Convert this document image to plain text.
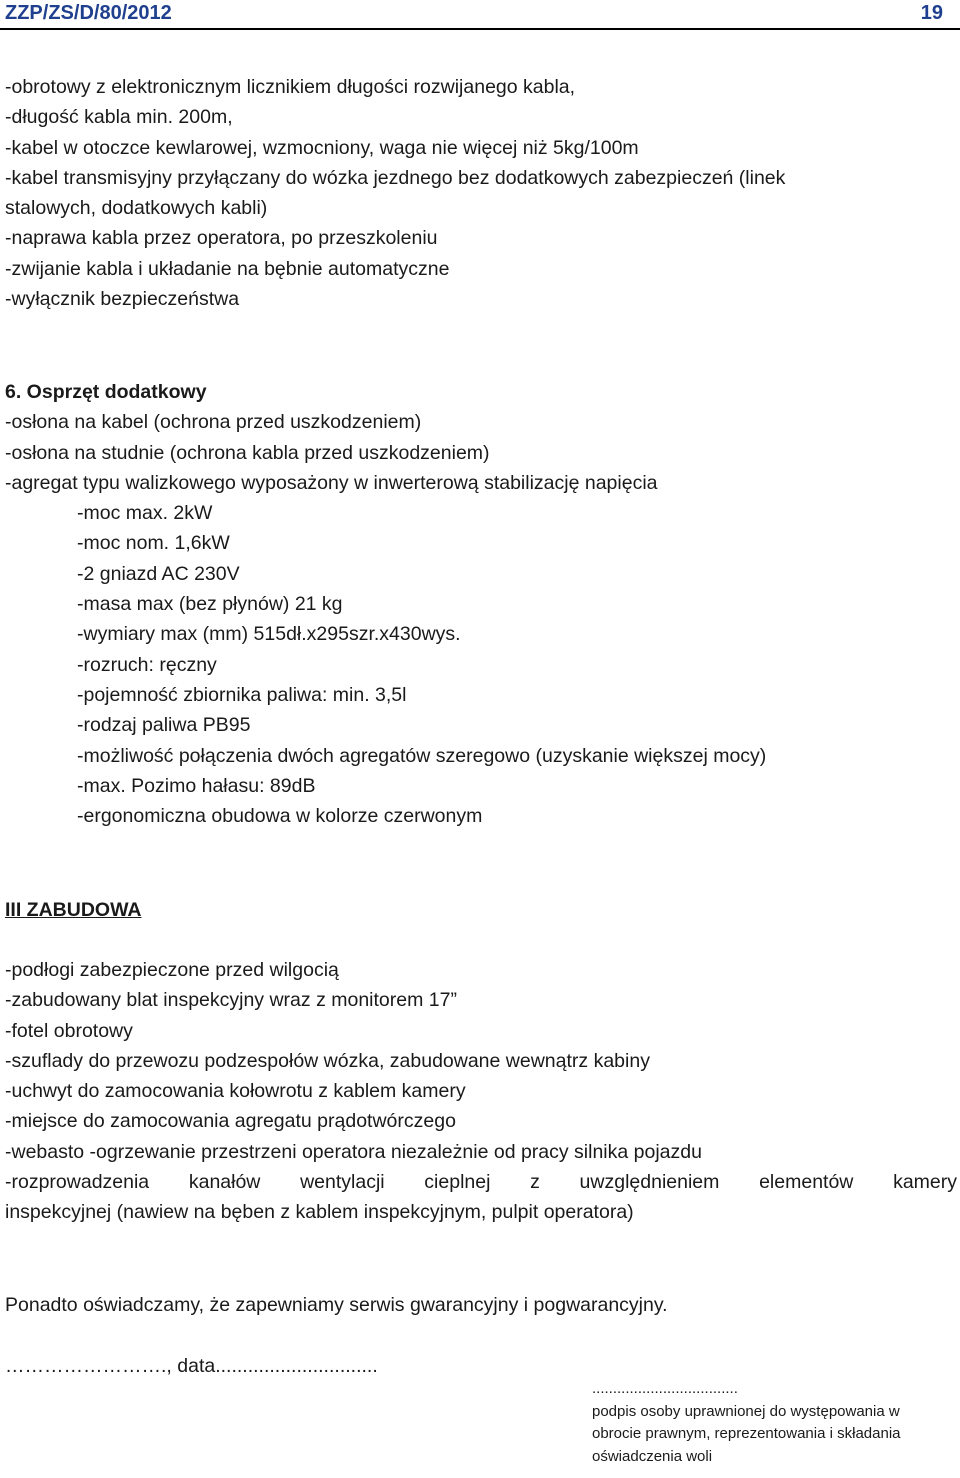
ZZP/ZS/D/80/2012	19
-obrotowy z elektronicznym licznikiem długości rozwijanego kabla,
-długość kabla min. 200m,
-kabel w otoczce kewlarowej, wzmocniony, waga nie więcej niż 5kg/100m
-kabel transmisyjny przyłączany do wózka jezdnego bez dodatkowych zabezpieczeń (linek
stalowych, dodatkowych kabli)
-naprawa kabla przez operatora, po przeszkoleniu
-zwijanie kabla i układanie na bębnie automatyczne
-wyłącznik bezpieczeństwa
6. Osprzęt dodatkowy
-osłona na kabel (ochrona przed uszkodzeniem)
-osłona na studnie (ochrona kabla przed uszkodzeniem)
-agregat typu walizkowego wyposażony w inwerterową stabilizację napięcia
-moc max. 2kW
-moc nom. 1,6kW
-2 gniazd AC 230V
-masa max (bez płynów) 21 kg
-wymiary max (mm) 515dł.x295szr.x430wys.
-rozruch: ręczny
-pojemność zbiornika paliwa: min. 3,5l
-rodzaj paliwa PB95
-możliwość połączenia dwóch agregatów szeregowo (uzyskanie większej mocy)
-max. Pozimo hałasu: 89dB
-ergonomiczna obudowa w kolorze czerwonym
III ZABUDOWA
-podłogi zabezpieczone przed wilgocią
-zabudowany blat inspekcyjny wraz z monitorem 17”
-fotel obrotowy
-szuflady do przewozu podzespołów wózka, zabudowane wewnątrz kabiny
-uchwyt do zamocowania kołowrotu z kablem kamery
-miejsce do zamocowania agregatu prądotwórczego
-webasto -ogrzewanie przestrzeni operatora niezależnie od pracy silnika pojazdu
-rozprowadzenia kanałów wentylacji cieplnej z uwzględnieniem elementów kamery
inspekcyjnej (nawiew na bęben z kablem inspekcyjnym, pulpit operatora)
Ponadto oświadczamy, że zapewniamy serwis gwarancyjny i pogwarancyjny.
……………………., data..............................
...................................
podpis osoby uprawnionej do występowania w
obrocie prawnym, reprezentowania i składania
oświadczenia woli
